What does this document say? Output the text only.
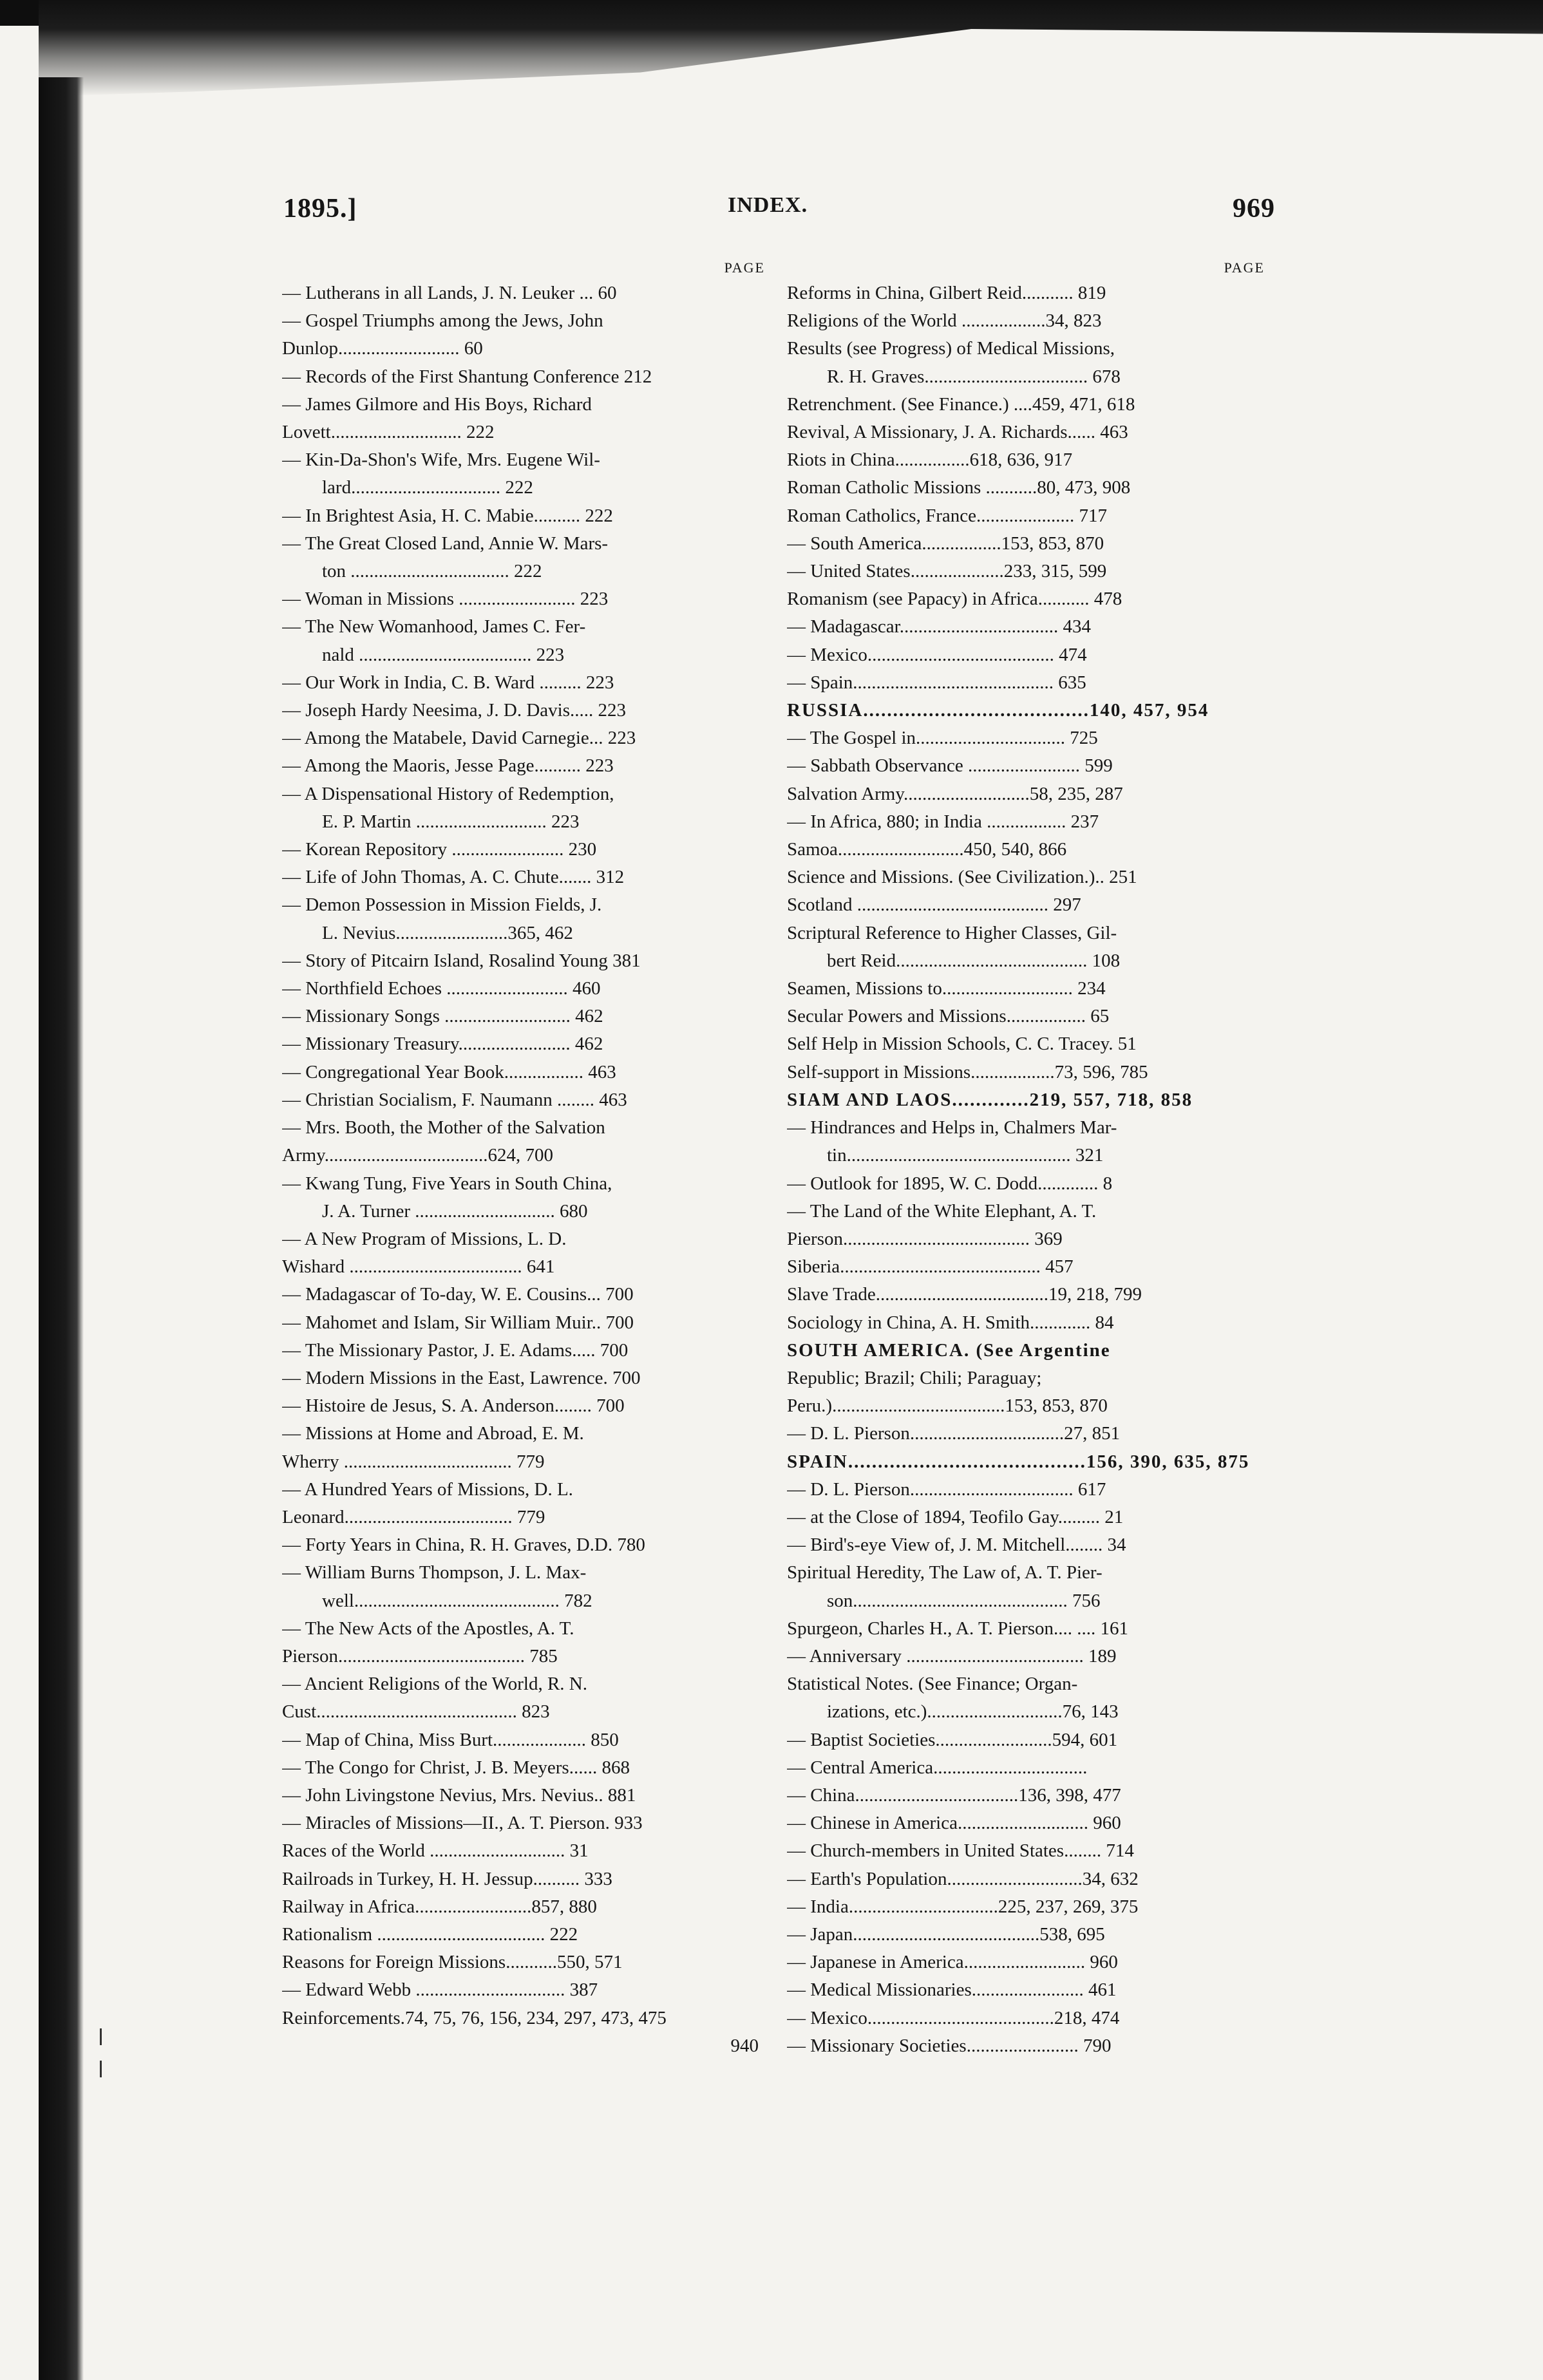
1895.]	INDEX.	969
PAGE
— Lutherans in all Lands, J. N. Leuker ... 60
— Gospel Triumphs among the Jews, John
Dunlop.......................... 60
— Records of the First Shantung Conference 212
— James Gilmore and His Boys, Richard
Lovett............................ 222
— Kin-Da-Shon's Wife, Mrs. Eugene Wil-
lard................................ 222
— In Brightest Asia, H. C. Mabie.......... 222
— The Great Closed Land, Annie W. Mars-
ton .................................. 222
— Woman in Missions ......................... 223
— The New Womanhood, James C. Fer-
nald ..................................... 223
— Our Work in India, C. B. Ward ......... 223
— Joseph Hardy Neesima, J. D. Davis..... 223
— Among the Matabele, David Carnegie... 223
— Among the Maoris, Jesse Page.......... 223
— A Dispensational History of Redemption,
E. P. Martin ............................ 223
— Korean Repository ........................ 230
— Life of John Thomas, A. C. Chute....... 312
— Demon Possession in Mission Fields, J.
L. Nevius........................365, 462
— Story of Pitcairn Island, Rosalind Young 381
— Northfield Echoes .......................... 460
— Missionary Songs ........................... 462
— Missionary Treasury........................ 462
— Congregational Year Book................. 463
— Christian Socialism, F. Naumann ........ 463
— Mrs. Booth, the Mother of the Salvation
Army...................................624, 700
— Kwang Tung, Five Years in South China,
J. A. Turner .............................. 680
— A New Program of Missions, L. D.
Wishard ..................................... 641
— Madagascar of To-day, W. E. Cousins... 700
— Mahomet and Islam, Sir William Muir.. 700
— The Missionary Pastor, J. E. Adams..... 700
— Modern Missions in the East, Lawrence. 700
— Histoire de Jesus, S. A. Anderson........ 700
— Missions at Home and Abroad, E. M.
Wherry .................................... 779
— A Hundred Years of Missions, D. L.
Leonard.................................... 779
— Forty Years in China, R. H. Graves, D.D. 780
— William Burns Thompson, J. L. Max-
well............................................ 782
— The New Acts of the Apostles, A. T.
Pierson........................................ 785
— Ancient Religions of the World, R. N.
Cust........................................... 823
— Map of China, Miss Burt.................... 850
— The Congo for Christ, J. B. Meyers...... 868
— John Livingstone Nevius, Mrs. Nevius.. 881
— Miracles of Missions—II., A. T. Pierson. 933
Races of the World ............................. 31
Railroads in Turkey, H. H. Jessup.......... 333
Railway in Africa.........................857, 880
Rationalism .................................... 222
Reasons for Foreign Missions...........550, 571
— Edward Webb ................................ 387
Reinforcements.74, 75, 76, 156, 234, 297, 473, 475
940
PAGE
Reforms in China, Gilbert Reid........... 819
Religions of the World ..................34, 823
Results (see Progress) of Medical Missions,
R. H. Graves................................... 678
Retrenchment. (See Finance.) ....459, 471, 618
Revival, A Missionary, J. A. Richards...... 463
Riots in China................618, 636, 917
Roman Catholic Missions ...........80, 473, 908
Roman Catholics, France..................... 717
— South America.................153, 853, 870
— United States....................233, 315, 599
Romanism (see Papacy) in Africa........... 478
— Madagascar.................................. 434
— Mexico........................................ 474
— Spain........................................... 635
RUSSIA......................................140, 457, 954
— The Gospel in................................ 725
— Sabbath Observance ........................ 599
Salvation Army...........................58, 235, 287
— In Africa, 880; in India ................. 237
Samoa...........................450, 540, 866
Science and Missions. (See Civilization.).. 251
Scotland ......................................... 297
Scriptural Reference to Higher Classes, Gil-
bert Reid......................................... 108
Seamen, Missions to............................ 234
Secular Powers and Missions................. 65
Self Help in Mission Schools, C. C. Tracey. 51
Self-support in Missions..................73, 596, 785
SIAM AND LAOS.............219, 557, 718, 858
— Hindrances and Helps in, Chalmers Mar-
tin................................................ 321
— Outlook for 1895, W. C. Dodd............. 8
— The Land of the White Elephant, A. T.
Pierson........................................ 369
Siberia........................................... 457
Slave Trade.....................................19, 218, 799
Sociology in China, A. H. Smith............. 84
SOUTH AMERICA. (See Argentine
Republic; Brazil; Chili; Paraguay;
Peru.).....................................153, 853, 870
— D. L. Pierson.................................27, 851
SPAIN........................................156, 390, 635, 875
— D. L. Pierson................................... 617
— at the Close of 1894, Teofilo Gay......... 21
— Bird's-eye View of, J. M. Mitchell........ 34
Spiritual Heredity, The Law of, A. T. Pier-
son.............................................. 756
Spurgeon, Charles H., A. T. Pierson.... .... 161
— Anniversary ...................................... 189
Statistical Notes. (See Finance; Organ-
izations, etc.).............................76, 143
— Baptist Societies.........................594, 601
— Central America.................................
— China...................................136, 398, 477
— Chinese in America............................ 960
— Church-members in United States........ 714
— Earth's Population.............................34, 632
— India................................225, 237, 269, 375
— Japan........................................538, 695
— Japanese in America.......................... 960
— Medical Missionaries........................ 461
— Mexico........................................218, 474
— Missionary Societies........................ 790
